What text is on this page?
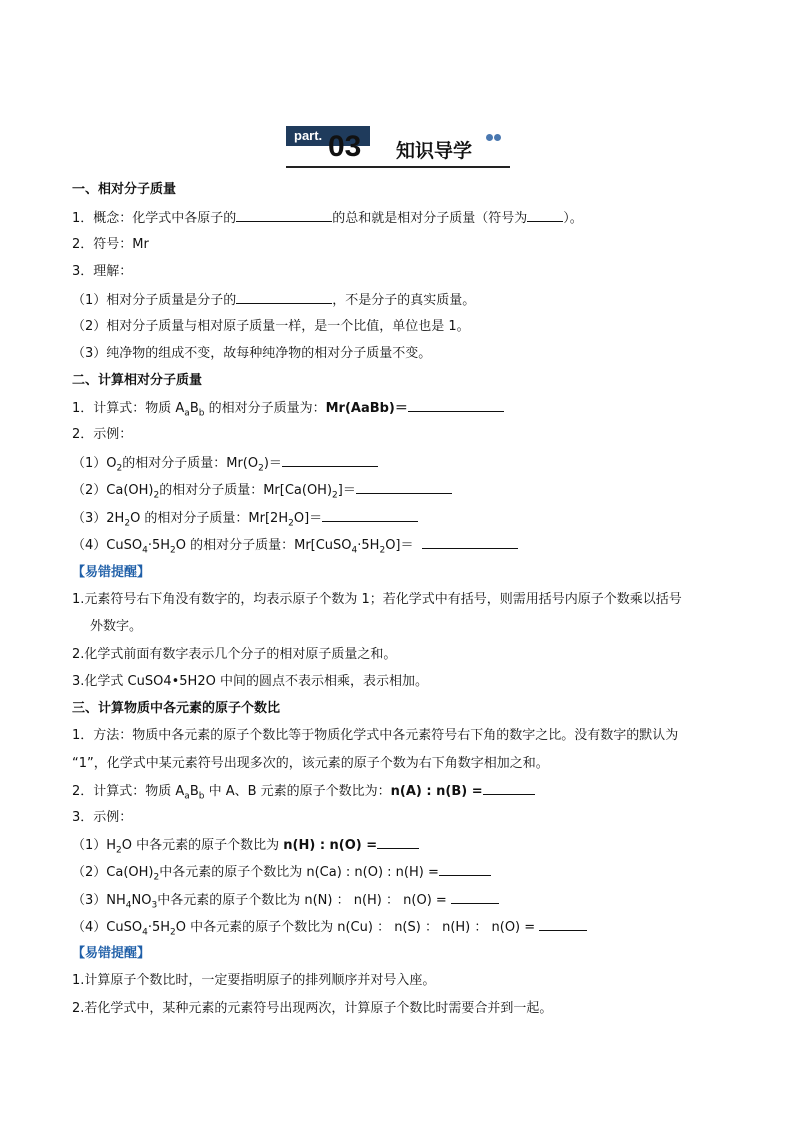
part. 03 知识导学
一、相对分子质量
1．概念：化学式中各原子的	的总和就是相对分子质量（符号为	）。
2．符号：Mr
3．理解：
（1）相对分子质量是分子的	，不是分子的真实质量。
（2）相对分子质量与相对原子质量一样，是一个比值，单位也是 1。
（3）纯净物的组成不变，故每种纯净物的相对分子质量不变。
二、计算相对分子质量
1．计算式：物质 $A_aB_b$ 的相对分子质量为：Mr(AaBb)＝
2．示例：
$(1)O_2$的相对分子质量：$Mr(O_2)=$
$(2)Ca(OH)_2$的相对分子质量：$Mr[Ca(OH)_2]=$
$(3)2H_2O$ 的相对分子质量：$Mr[2H_2O]=$
$(4)CuSO_4\cdot 5H_2O$ 的相对分子质量：$Mr[CuSO_4\cdot 5H_2O]=$
【易错提醒】
1.元素符号右下角没有数字的，均表示原子个数为 1；若化学式中有括号，则需用括号内原子个数乘以括号
外数字。
2.化学式前面有数字表示几个分子的相对原子质量之和。
3.化学式 CuSO4•5H2O 中间的圆点不表示相乘，表示相加。
三、计算物质中各元素的原子个数比
1．方法：物质中各元素的原子个数比等于物质化学式中各元素符号右下角的数字之比。没有数字的默认为
“1”，化学式中某元素符号出现多次的，该元素的原子个数为右下角数字相加之和。
2．计算式：物质 $A_aB_b$ 中 A、B 元素的原子个数比为：n(A) : n(B) =
3．示例：
$(1)H_2O$ 中各元素的原子个数比为 n(H) : n(O) =
$(2)Ca(OH)_2$中各元素的原子个数比为 n(Ca) : n(O) : n(H) =
$(3)NH_4NO_3$中各元素的原子个数比为 n(N) ： n(H) ： n(O) =
$(4)CuSO_4\cdot 5H_2O$ 中各元素的原子个数比为 n(Cu) ： n(S) ： n(H) ： n(O) =
【易错提醒】
1.计算原子个数比时，一定要指明原子的排列顺序并对号入座。
2.若化学式中，某种元素的元素符号出现两次，计算原子个数比时需要合并到一起。
